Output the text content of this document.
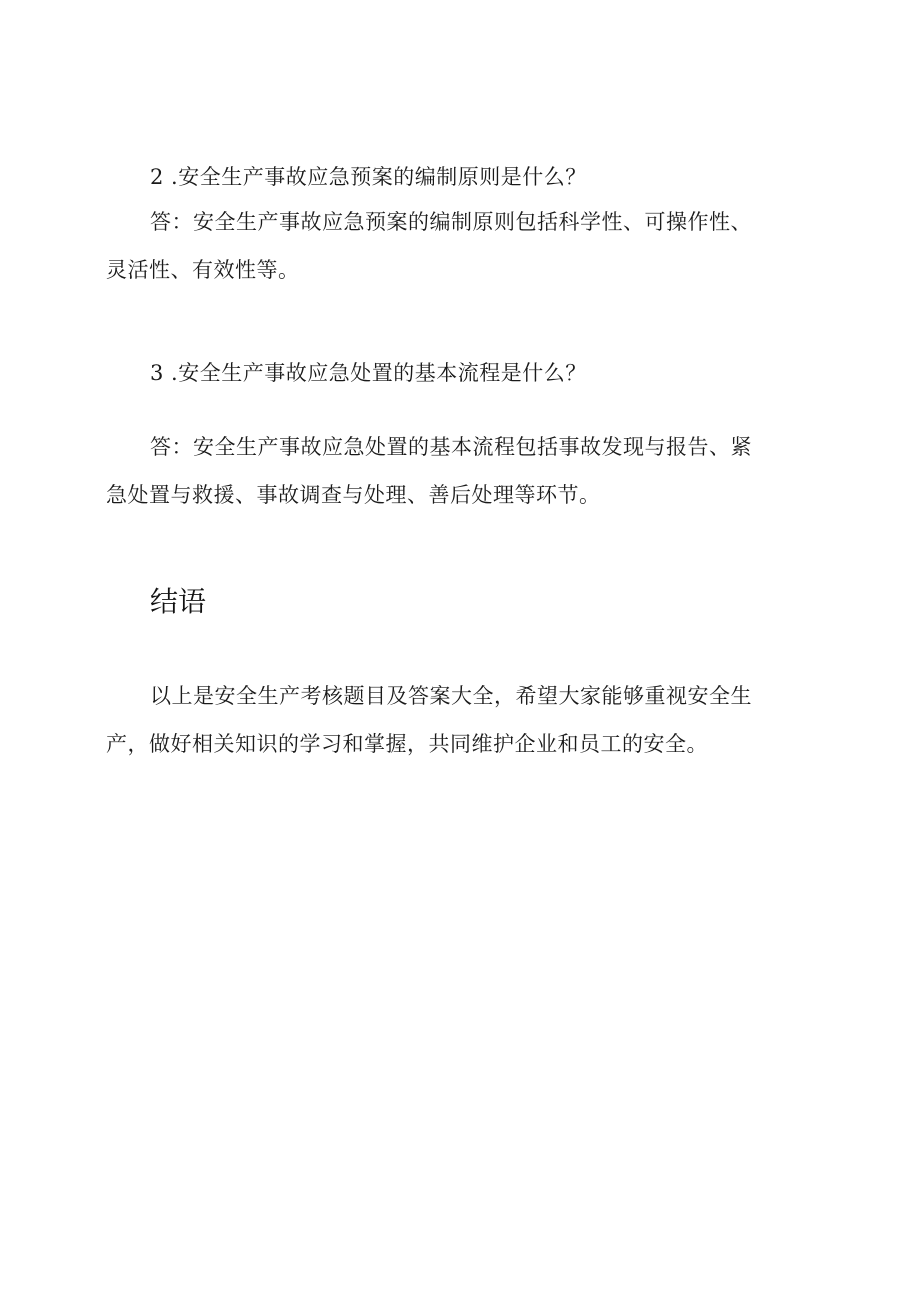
2 .安全生产事故应急预案的编制原则是什么？
答：安全生产事故应急预案的编制原则包括科学性、可操作性、
灵活性、有效性等。
3 .安全生产事故应急处置的基本流程是什么？
答：安全生产事故应急处置的基本流程包括事故发现与报告、紧
急处置与救援、事故调查与处理、善后处理等环节。
结语
以上是安全生产考核题目及答案大全，希望大家能够重视安全生
产，做好相关知识的学习和掌握，共同维护企业和员工的安全。
